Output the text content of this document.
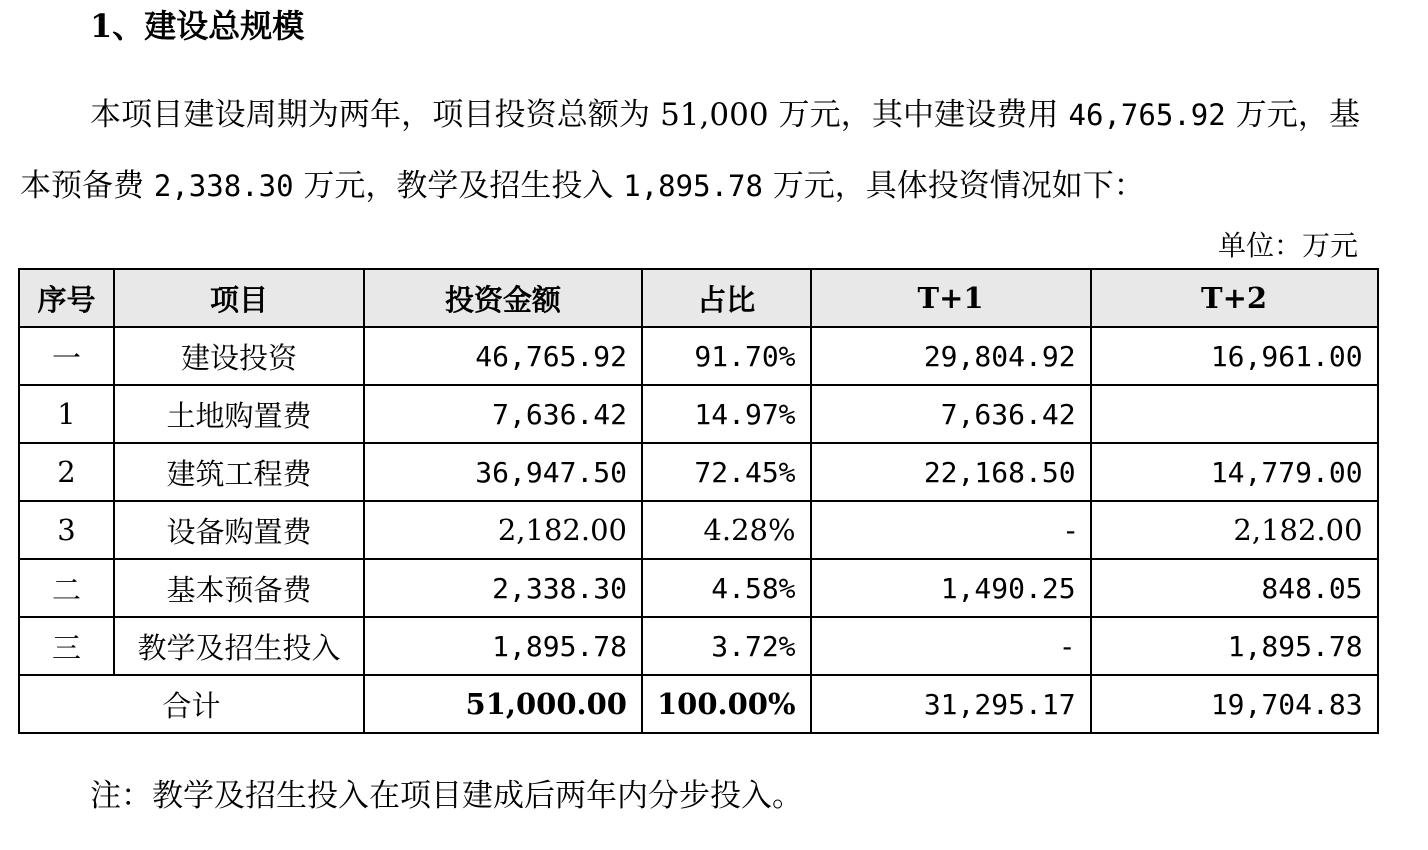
1、建设总规模

本项目建设周期为两年，项目投资总额为 51,000 万元，其中建设费用 46,765.92 万元，基本预备费 2,338.30 万元，教学及招生投入 1,895.78 万元，具体投资情况如下：

单位：万元
序号	项目	投资金额	占比	T+1	T+2
一	建设投资	46,765.92	91.70%	29,804.92	16,961.00
1	土地购置费	7,636.42	14.97%	7,636.42	
2	建筑工程费	36,947.50	72.45%	22,168.50	14,779.00
3	设备购置费	2,182.00	4.28%	-	2,182.00
二	基本预备费	2,338.30	4.58%	1,490.25	848.05
三	教学及招生投入	1,895.78	3.72%	-	1,895.78
合计		51,000.00	100.00%	31,295.17	19,704.83
注：教学及招生投入在项目建成后两年内分步投入。
